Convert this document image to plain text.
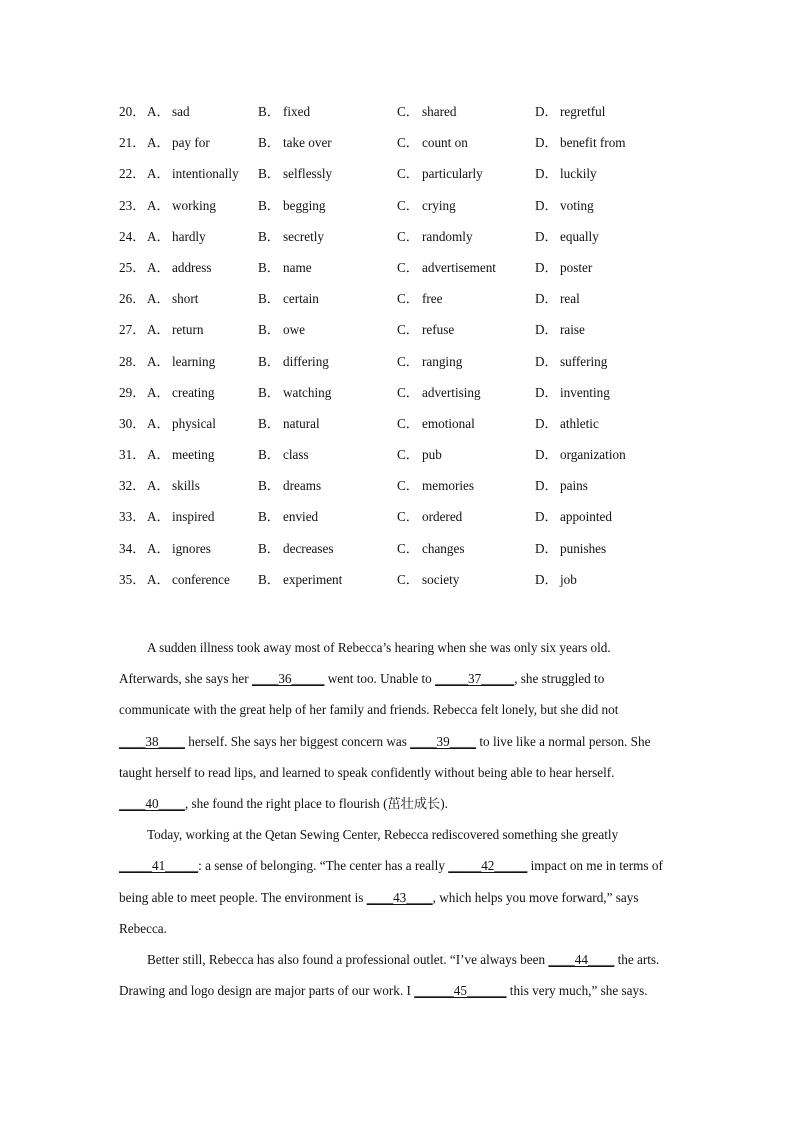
20． A． sad	B． fixed	C． shared	D． regretful
21． A． pay for	B． take over	C． count on	D． benefit from
22． A． intentionally B． selflessly	C． particularly	D． luckily
23． A． working	B． begging	C． crying	D． voting
24． A． hardly	B． secretly	C． randomly	D． equally
25． A． address	B． name	C． advertisement	D． poster
26． A． short	B． certain	C． free	D． real
27． A． return	B． owe	C． refuse	D． raise
28． A． learning	B． differing	C． ranging	D． suffering
29． A． creating	B． watching	C． advertising	D． inventing
30． A． physical	B． natural	C． emotional	D． athletic
31． A． meeting	B． class	C． pub	D． organization
32． A． skills	B． dreams	C． memories	D． pains
33． A． inspired	B． envied	C． ordered	D． appointed
34． A． ignores	B． decreases	C． changes	D． punishes
35． A． conference B． experiment	C． society	D． job

A sudden illness took away most of Rebecca’s hearing when she was only six years old. Afterwards, she says her ____36_____ went too. Unable to _____37_____, she struggled to communicate with the great help of her family and friends. Rebecca felt lonely, but she did not ____38____ herself. She says her biggest concern was ____39____ to live like a normal person. She taught herself to read lips, and learned to speak confidently without being able to hear herself. ____40____, she found the right place to flourish (茁壮成长).

Today, working at the Qetan Sewing Center, Rebecca rediscovered something she greatly _____41_____: a sense of belonging. “The center has a really _____42_____ impact on me in terms of being able to meet people. The environment is ____43____, which helps you move forward,” says Rebecca.

Better still, Rebecca has also found a professional outlet. “I’ve always been ____44____ the arts. Drawing and logo design are major parts of our work. I ______45______ this very much,” she says.
